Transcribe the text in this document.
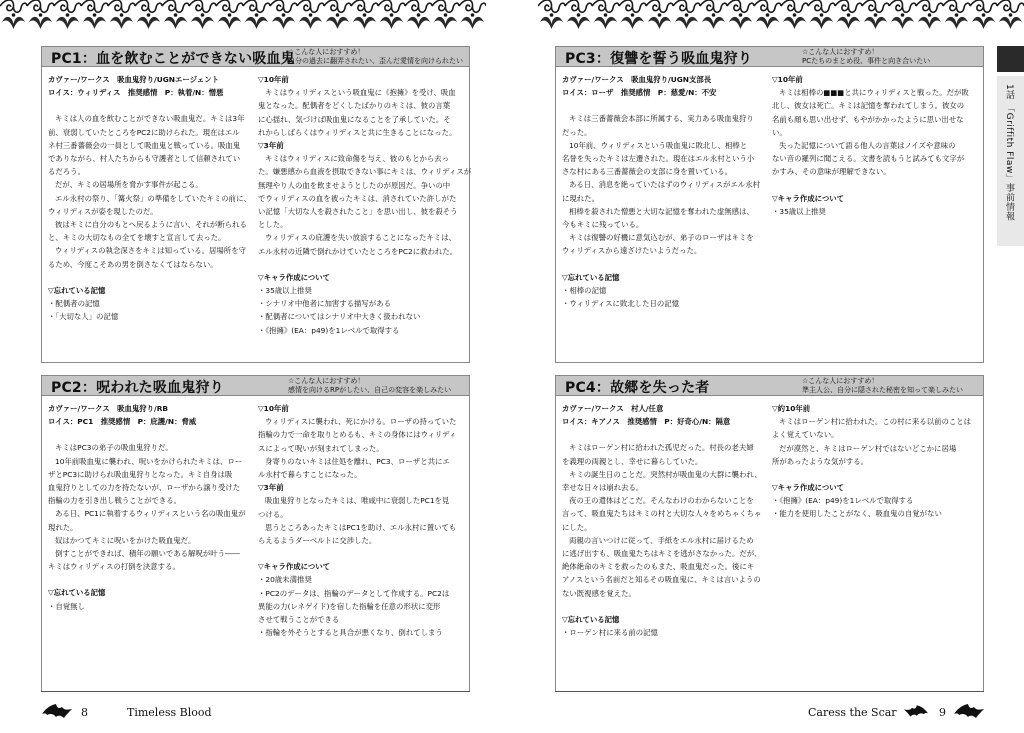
PC1：血を飲むことができない吸血鬼
☆こんな人におすすめ！
自分の過去に翻弄されたい、歪んだ愛情を向けられたい

カヴァー/ワークス　吸血鬼狩り/UGNエージェント

ロイス：ウィリディス　推奨感情　P：執着/N：憎悪

キミは人の血を飲むことができない吸血鬼だ。キミは3年

前、衰弱していたところをPC2に助けられた。現在はエル

ネ村三番薔薇会の一員として吸血鬼と戦っている。吸血鬼

でありながら、村人たちからも守護者として信頼されてい

るだろう。

だが、キミの居場所を脅かす事件が起こる。

エル永村の祭り、「篝火祭」の準備をしていたキミの前に、

ウィリディスが姿を現したのだ。

彼はキミに自分のもとへ戻るように言い、それが断られる

と、キミの大切なもの全てを壊すと宣言して去った。

ウィリディスの執念深さをキミは知っている。居場所を守

るため、今度こそあの男を倒さなくてはならない。

▽忘れている記憶

・配偶者の記憶

・「大切な人」の記憶

▽10年前

キミはウィリディスという吸血鬼に《抱擁》を受け、吸血

鬼となった。配偶者をどくしたばかりのキミは、彼の言葉

に心揺れ、気づけば吸血鬼になることを了承していた。そ

れからしばらくはウィリディスと共に生きることになった。

▽3年前

キミはウィリディスに致命傷を与え、彼のもとから去っ

た。嫌悪感から血液を摂取できない事にキミは、ウィリディスが

無理やり人の血を飲ませようとしたのが原因だ。争いの中

でウィリディスの血を被ったキミは、消されていた許しがた

い記憶「大切な人を殺されたこと」を思い出し、彼を殺そう

とした。

ウィリディスの庇護を失い放浪することになったキミは、

エル永村の近隣で倒れかけていたところをPC2に救われた。

▽キャラ作成について

・35歳以上推奨

・シナリオ中他者に加害する描写がある

・配偶者についてはシナリオ中大きく扱われない

・《抱擁》(EA：p49)を1レベルで取得する

PC2：呪われた吸血鬼狩り	☆こんな人におすすめ！
感情を向けるRPがしたい、自己の変容を楽しみたい

カヴァー/ワークス　吸血鬼狩り/RB

ロイス：PC1　推奨感情　P：庇護/N：脅威

キミはPC3の弟子の吸血鬼狩りだ。

10年前吸血鬼に襲われ、呪いをかけられたキミは、ロー

ザとPC3に助けられ吸血鬼狩りとなった。キミ自身は吸

血鬼狩りとしての力を持たないが、ローザから譲り受けた

指輪の力を引き出し戦うことができる。

ある日、PC1に執着するウィリディスという名の吸血鬼が

現れた。

奴はかつてキミに呪いをかけた吸血鬼だ。

倒すことができれば、積年の願いである解呪が叶う――

キミはウィリディスの打倒を決意する。

▽忘れている記憶

・自覚無し

▽10年前

ウィリディスに襲われ、死にかける。ローザの持っていた

指輪の力で一命を取りとめるも、キミの身体にはウィリディ

スによって呪いが刻まれてしまった。

身寄りのないキミは住処を離れ、PC3、ローザと共にエ

ル永村で暮らすことになった。

▽3年前

吸血鬼狩りとなったキミは、唯咸中に衰弱したPC1を見

つける。

思うところあったキミはPC1を助け、エル永村に置いても

らえるようダーベルトに交渉した。

▽キャラ作成について

・20歳未満推奨

・PC2のデータは、指輪のデータとして作成する。PC2は

異能の力(レネゲイド)を宿した指輪を任意の形状に変形

させて戦うことができる

・指輪を外そうとすると具合が悪くなり、倒れてしまう

PC3：復讐を誓う吸血鬼狩り	☆こんな人におすすめ！
PCたちのまとめ役、事件と向き合いたい

カヴァー/ワークス　吸血鬼狩り/UGN支部長

ロイス：ローザ　推奨感情　P：慈愛/N：不安

キミは三番薔薇会本部に所属する、実力ある吸血鬼狩り

だった。

10年前、ウィリディスという吸血鬼に敗北し、相棒と

名誉を失ったキミは左遷された。現在はエル永村という小

さな村にある三番薔薇会の支部に身を置いている。

ある日、消息を絶っていたはずのウィリディスがエル永村

に現れた。

相棒を殺された憎悪と大切な記憶を奪われた虚無感は、

今もキミに残っている。

キミは復讐の好機に意気込むが、弟子のローザはキミを

ウィリディスから遠ざけたいようだった。

▽忘れている記憶

・相棒の記憶

・ウィリディスに敗北した日の記憶

▽10年前

キミは相棒の■■■と共にウィリディスと戦った。だが敗

北し、彼女は死亡。キミは記憶を奪われてしまう。彼女の

名前も顔も思い出せず、もやがかかったように思い出せな

い。

失った記憶について語る他人の言葉はノイズや意味の

ない音の羅列に聞こえる。文書を読もうと試みても文字が

かすみ、その意味が理解できない。

▽キャラ作成について

・35歳以上推奨

PC4：故郷を失った者	☆こんな人におすすめ！
準主人公、自分に隠された秘密を知って楽しみたい

カヴァー/ワークス　村人/任意

ロイス：キアノス　推奨感情　P：好奇心/N：隔意

キミはローゲン村に拾われた孤児だった。村長の老夫婦

を義理の両親とし、幸せに暮らしていた。

キミの誕生日のことだ。突然村が吸血鬼の大群に襲われ、

幸せな日々は崩れ去る。

夜の王の遣体はどこだ。そんなわけのわからないことを

言って、吸血鬼たちはキミの村と大切な人々をめちゃくちゃ

にした。

両親の言いつけに従って、手紙をエル永村に届けるため

に逃げ出すも、吸血鬼たちはキミを逃がさなかった。だが、

絶体絶命のキミを救ったのもまた、吸血鬼だった。後にキ

アノスという名前だと知るその吸血鬼に、キミは言いようの

ない既視感を覚えた。

▽忘れている記憶

・ローゲン村に来る前の記憶

▽約10年前

キミはローゲン村に拾われた。この村に来る以前のことは

よく覚えていない。

だが漠然と、キミはローゲン村ではないどこかに居場

所があったような気がする。

▽キャラ作成について

・《抱擁》(EA：p49)を1レベルで取得する

・能力を使用したことがなく、吸血鬼の自覚がない

1話 「Griffith Flaw」事前情報
8	Timeless Blood	Caress the Scar	9
